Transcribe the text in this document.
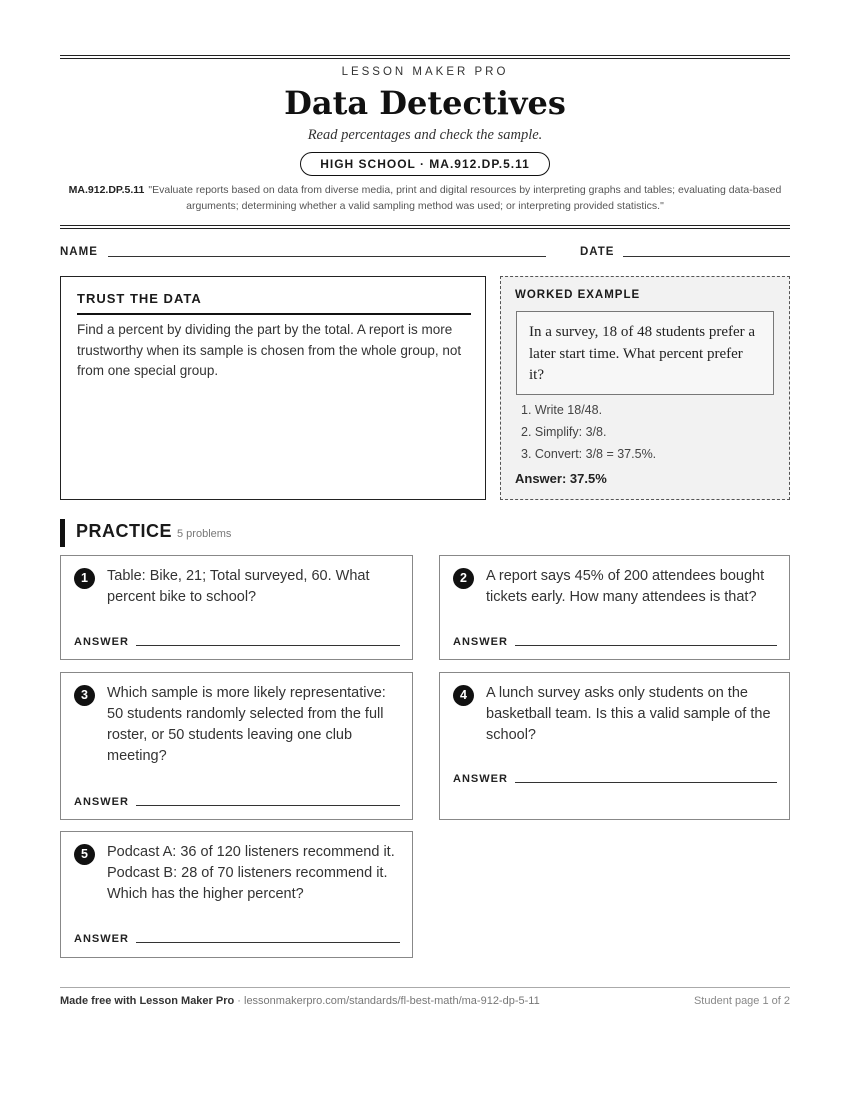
LESSON MAKER PRO
Data Detectives
Read percentages and check the sample.
HIGH SCHOOL · MA.912.DP.5.11
MA.912.DP.5.11 "Evaluate reports based on data from diverse media, print and digital resources by interpreting graphs and tables; evaluating data-based arguments; determining whether a valid sampling method was used; or interpreting provided statistics."
NAME	DATE
TRUST THE DATA
Find a percent by dividing the part by the total. A report is more trustworthy when its sample is chosen from the whole group, not from one special group.
WORKED EXAMPLE
In a survey, 18 of 48 students prefer a later start time. What percent prefer it?
1. Write 18/48.
2. Simplify: 3/8.
3. Convert: 3/8 = 37.5%.
Answer: 37.5%
PRACTICE 5 problems
1	Table: Bike, 21; Total surveyed, 60. What percent bike to school?
ANSWER
2	A report says 45% of 200 attendees bought tickets early. How many attendees is that?
ANSWER
3	Which sample is more likely representative: 50 students randomly selected from the full roster, or 50 students leaving one club meeting?
ANSWER
4	A lunch survey asks only students on the basketball team. Is this a valid sample of the school?
ANSWER
5	Podcast A: 36 of 120 listeners recommend it. Podcast B: 28 of 70 listeners recommend it. Which has the higher percent?
ANSWER
Made free with Lesson Maker Pro · lessonmakerpro.com/standards/fl-best-math/ma-912-dp-5-11	Student page 1 of 2
